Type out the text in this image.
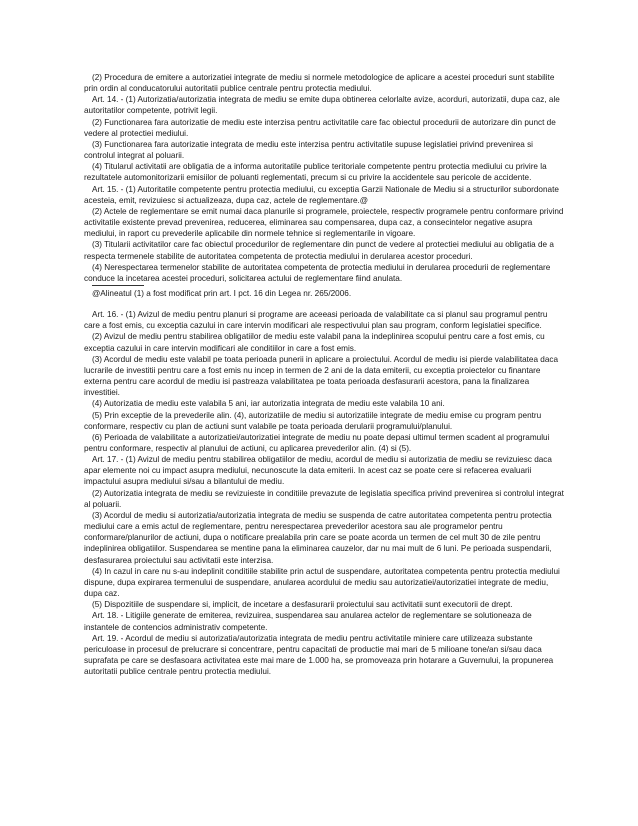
(2) Procedura de emitere a autorizatiei integrate de mediu si normele metodologice de aplicare a acestei proceduri sunt stabilite prin ordin al conducatorului autoritatii publice centrale pentru protectia mediului.

Art. 14. - (1) Autorizatia/autorizatia integrata de mediu se emite dupa obtinerea celorlalte avize, acorduri, autorizatii, dupa caz, ale autoritatilor competente, potrivit legii.

(2) Functionarea fara autorizatie de mediu este interzisa pentru activitatile care fac obiectul procedurii de autorizare din punct de vedere al protectiei mediului.

(3) Functionarea fara autorizatie integrata de mediu este interzisa pentru activitatile supuse legislatiei privind prevenirea si controlul integrat al poluarii.

(4) Titularul activitatii are obligatia de a informa autoritatile publice teritoriale competente pentru protectia mediului cu privire la rezultatele automonitorizarii emisiilor de poluanti reglementati, precum si cu privire la accidentele sau pericole de accidente.

Art. 15. - (1) Autoritatile competente pentru protectia mediului, cu exceptia Garzii Nationale de Mediu si a structurilor subordonate acesteia, emit, revizuiesc si actualizeaza, dupa caz, actele de reglementare.@

(2) Actele de reglementare se emit numai daca planurile si programele, proiectele, respectiv programele pentru conformare privind activitatile existente prevad prevenirea, reducerea, eliminarea sau compensarea, dupa caz, a consecintelor negative asupra mediului, in raport cu prevederile aplicabile din normele tehnice si reglementarile in vigoare.

(3) Titularii activitatilor care fac obiectul procedurilor de reglementare din punct de vedere al protectiei mediului au obligatia de a respecta termenele stabilite de autoritatea competenta de protectia mediului in derularea acestor proceduri.

(4) Nerespectarea termenelor stabilite de autoritatea competenta de protectia mediului in derularea procedurii de reglementare conduce la incetarea acestei proceduri, solicitarea actului de reglementare fiind anulata.

@Alineatul (1) a fost modificat prin art. I pct. 16 din Legea nr. 265/2006.

Art. 16. - (1) Avizul de mediu pentru planuri si programe are aceeasi perioada de valabilitate ca si planul sau programul pentru care a fost emis, cu exceptia cazului in care intervin modificari ale respectivului plan sau program, conform legislatiei specifice.

(2) Avizul de mediu pentru stabilirea obligatiilor de mediu este valabil pana la indeplinirea scopului pentru care a fost emis, cu exceptia cazului in care intervin modificari ale conditiilor in care a fost emis.

(3) Acordul de mediu este valabil pe toata perioada punerii in aplicare a proiectului. Acordul de mediu isi pierde valabilitatea daca lucrarile de investitii pentru care a fost emis nu incep in termen de 2 ani de la data emiterii, cu exceptia proiectelor cu finantare externa pentru care acordul de mediu isi pastreaza valabilitatea pe toata perioada desfasurarii acestora, pana la finalizarea investitiei.

(4) Autorizatia de mediu este valabila 5 ani, iar autorizatia integrata de mediu este valabila 10 ani.

(5) Prin exceptie de la prevederile alin. (4), autorizatiile de mediu si autorizatiile integrate de mediu emise cu program pentru conformare, respectiv cu plan de actiuni sunt valabile pe toata perioada derularii programului/planului.

(6) Perioada de valabilitate a autorizatiei/autorizatiei integrate de mediu nu poate depasi ultimul termen scadent al programului pentru conformare, respectiv al planului de actiuni, cu aplicarea prevederilor alin. (4) si (5).

Art. 17. - (1) Avizul de mediu pentru stabilirea obligatiilor de mediu, acordul de mediu si autorizatia de mediu se revizuiesc daca apar elemente noi cu impact asupra mediului, necunoscute la data emiterii. In acest caz se poate cere si refacerea evaluarii impactului asupra mediului si/sau a bilantului de mediu.

(2) Autorizatia integrata de mediu se revizuieste in conditiile prevazute de legislatia specifica privind prevenirea si controlul integrat al poluarii.

(3) Acordul de mediu si autorizatia/autorizatia integrata de mediu se suspenda de catre autoritatea competenta pentru protectia mediului care a emis actul de reglementare, pentru nerespectarea prevederilor acestora sau ale programelor pentru conformare/planurilor de actiuni, dupa o notificare prealabila prin care se poate acorda un termen de cel mult 30 de zile pentru indeplinirea obligatiilor. Suspendarea se mentine pana la eliminarea cauzelor, dar nu mai mult de 6 luni. Pe perioada suspendarii, desfasurarea proiectului sau activitatii este interzisa.

(4) In cazul in care nu s-au indeplinit conditiile stabilite prin actul de suspendare, autoritatea competenta pentru protectia mediului dispune, dupa expirarea termenului de suspendare, anularea acordului de mediu sau autorizatiei/autorizatiei integrate de mediu, dupa caz.

(5) Dispozitiile de suspendare si, implicit, de incetare a desfasurarii proiectului sau activitatii sunt executorii de drept.

Art. 18. - Litigiile generate de emiterea, revizuirea, suspendarea sau anularea actelor de reglementare se solutioneaza de instantele de contencios administrativ competente.

Art. 19. - Acordul de mediu si autorizatia/autorizatia integrata de mediu pentru activitatile miniere care utilizeaza substante periculoase in procesul de prelucrare si concentrare, pentru capacitati de productie mai mari de 5 milioane tone/an si/sau daca suprafata pe care se desfasoara activitatea este mai mare de 1.000 ha, se promoveaza prin hotarare a Guvernului, la propunerea autoritatii publice centrale pentru protectia mediului.
